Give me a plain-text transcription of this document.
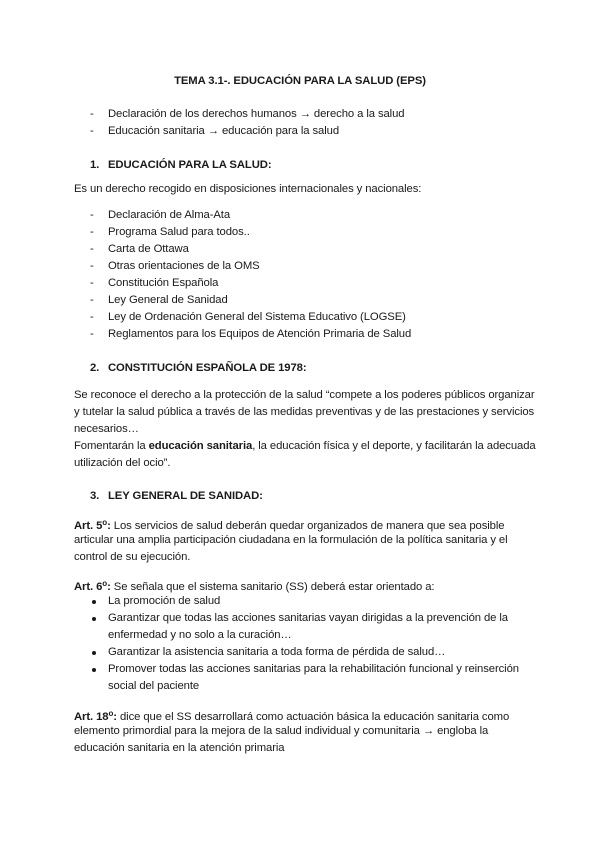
TEMA 3.1-. EDUCACIÓN PARA LA SALUD (EPS)
-
Declaración de los derechos humanos → derecho a la salud
-
Educación sanitaria → educación para la salud
1. EDUCACIÓN PARA LA SALUD:
Es un derecho recogido en disposiciones internacionales y nacionales:
-
Declaración de Alma-Ata
-
Programa Salud para todos..
-
Carta de Ottawa
-
Otras orientaciones de la OMS
-
Constitución Española
-
Ley General de Sanidad
-
Ley de Ordenación General del Sistema Educativo (LOGSE)
-
Reglamentos para los Equipos de Atención Primaria de Salud
2. CONSTITUCIÓN ESPAÑOLA DE 1978:
Se reconoce el derecho a la protección de la salud “compete a los poderes públicos organizar
y tutelar la salud pública a través de las medidas preventivas y de las prestaciones y servicios
necesarios…
Fomentarán la educación sanitaria, la educación física y el deporte, y facilitarán la adecuada
utilización del ocio”.
3. LEY GENERAL DE SANIDAD:
Art. 5$^o$: Los servicios de salud deberán quedar organizados de manera que sea posible
articular una amplia participación ciudadana en la formulación de la política sanitaria y el
control de su ejecución.
Art. 6$^o$: Se señala que el sistema sanitario (SS) deberá estar orientado a:
La promoción de salud
Garantizar que todas las acciones sanitarias vayan dirigidas a la prevención de la
enfermedad y no solo a la curación…
Garantizar la asistencia sanitaria a toda forma de pérdida de salud…
Promover todas las acciones sanitarias para la rehabilitación funcional y reinserción
social del paciente
Art. 18$^o$: dice que el SS desarrollará como actuación básica la educación sanitaria como
elemento primordial para la mejora de la salud individual y comunitaria → engloba la
educación sanitaria en la atención primaria
